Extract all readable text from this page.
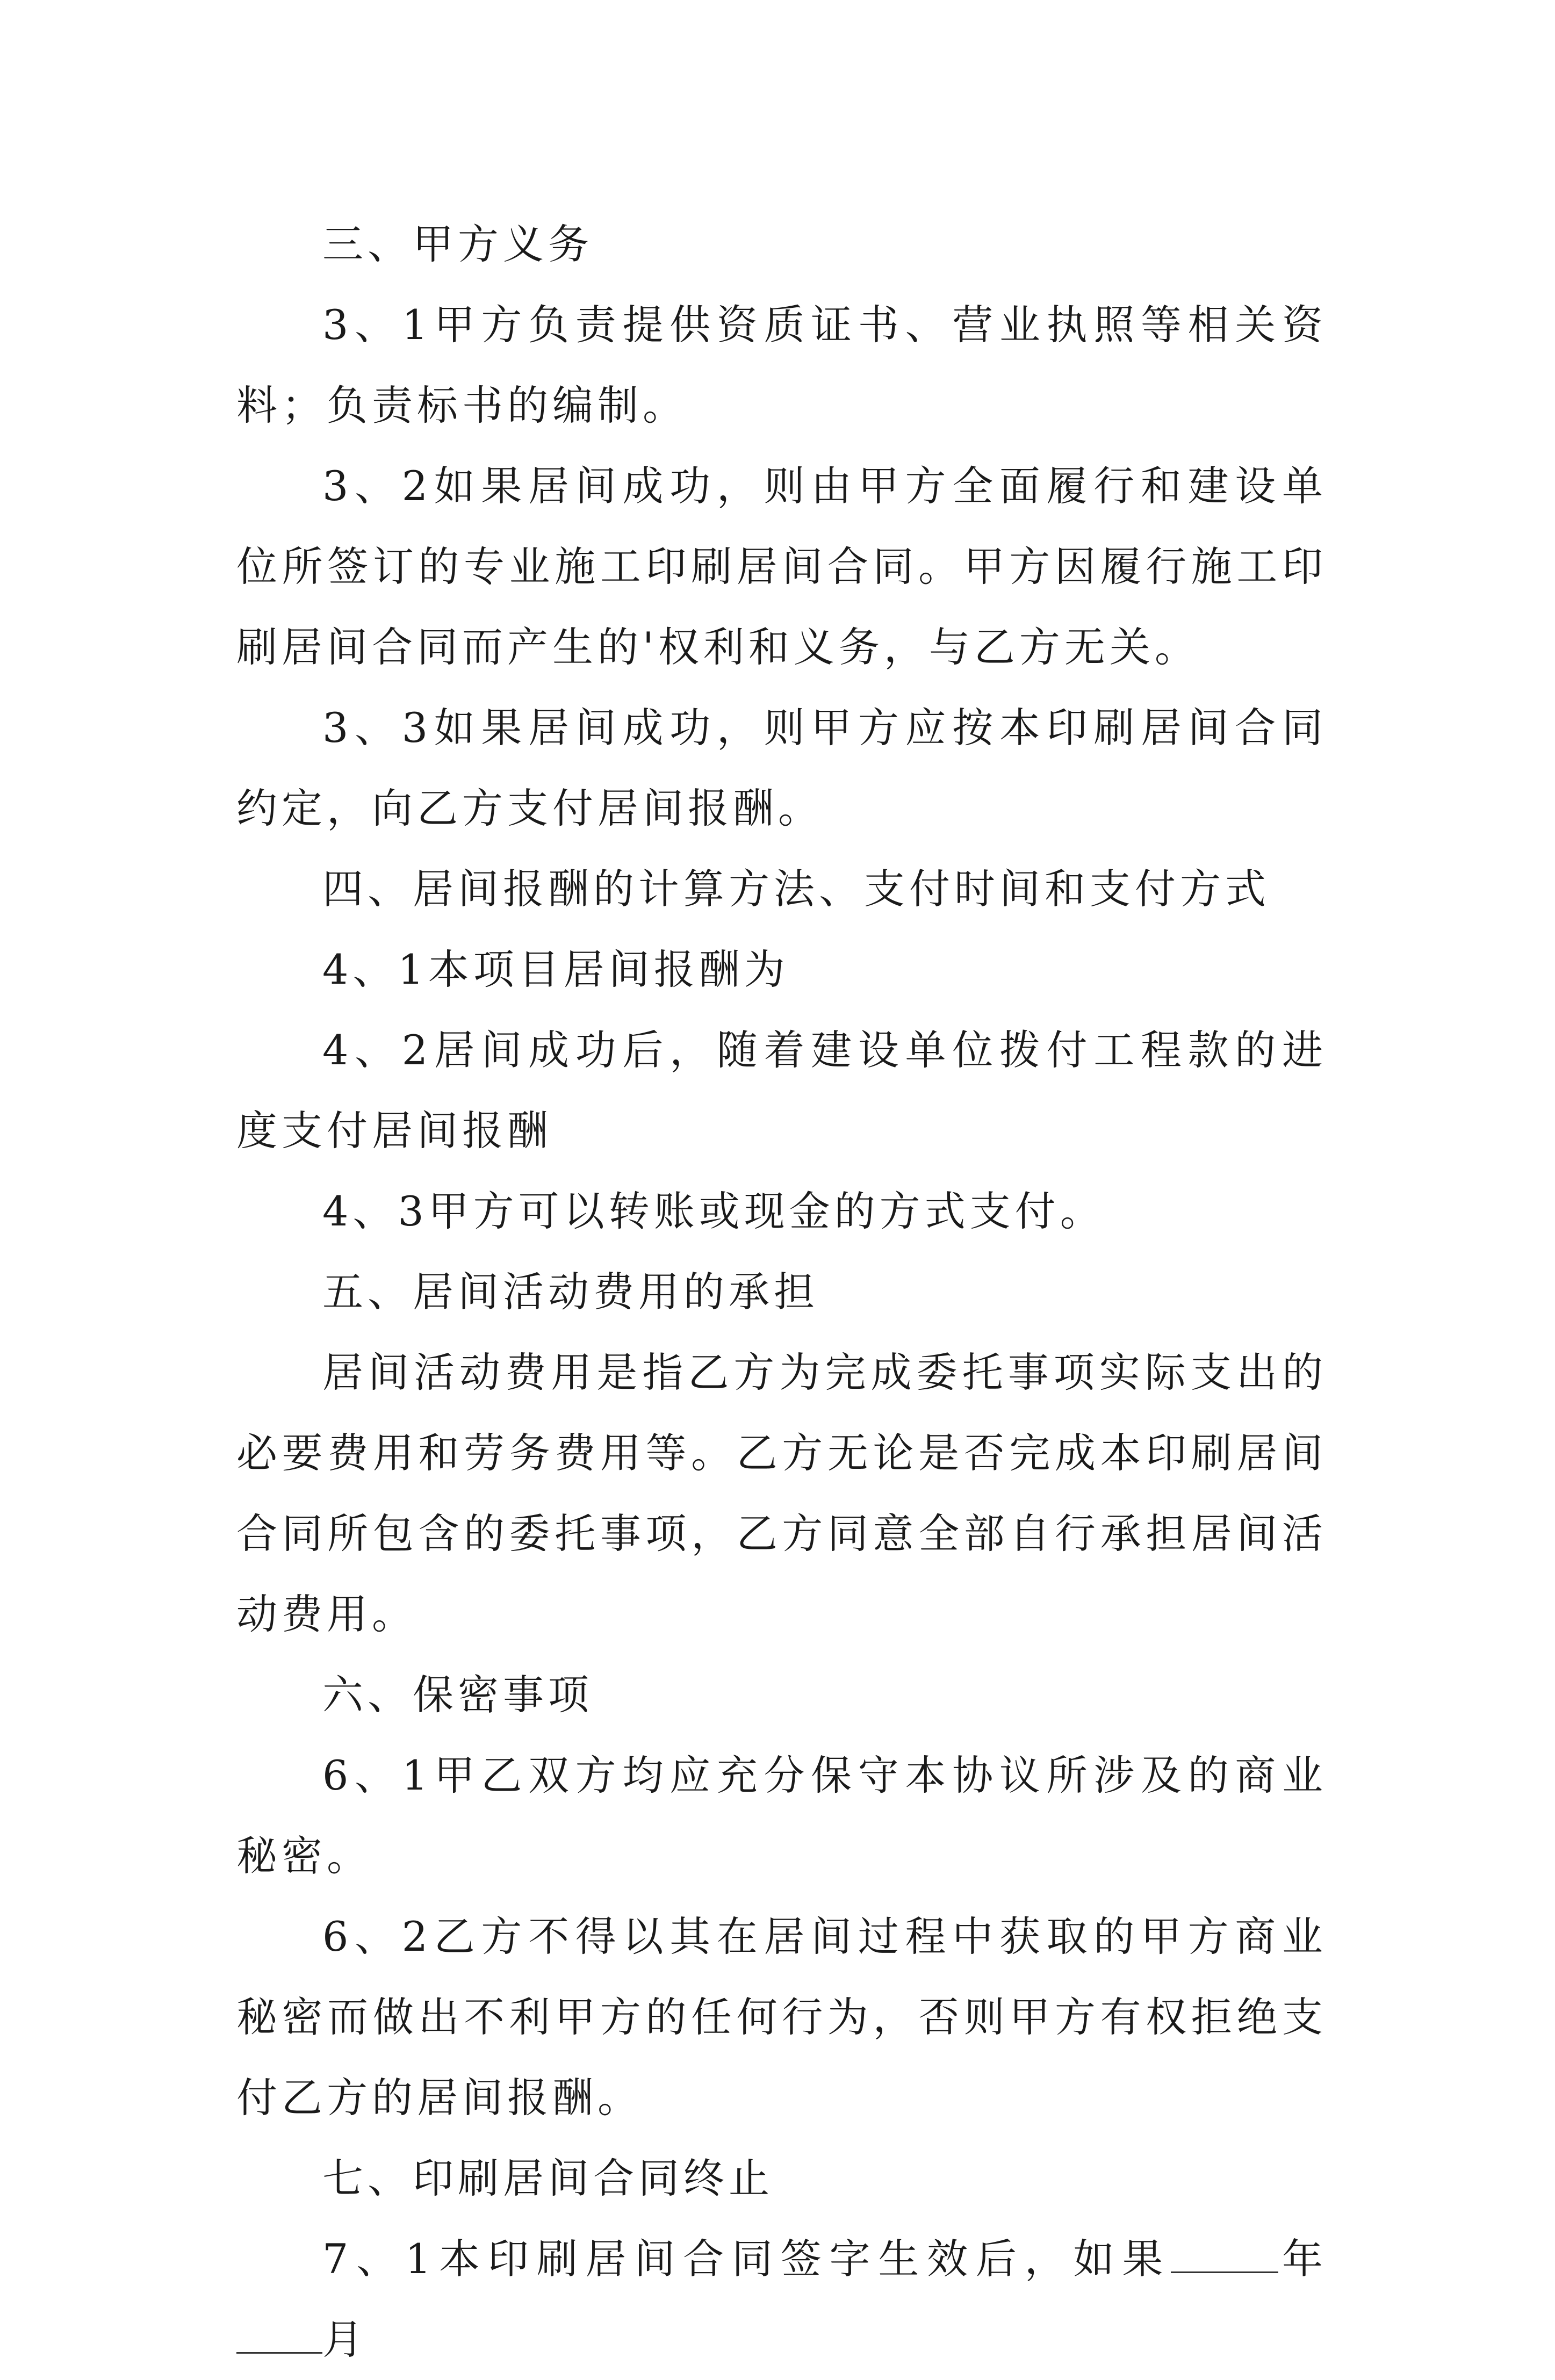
三、甲方义务

3、1甲方负责提供资质证书、营业执照等相关资料；负责标书的编制。

3、2如果居间成功，则由甲方全面履行和建设单位所签订的专业施工印刷居间合同。甲方因履行施工印刷居间合同而产生的'权利和义务，与乙方无关。

3、3如果居间成功，则甲方应按本印刷居间合同约定，向乙方支付居间报酬。

四、居间报酬的计算方法、支付时间和支付方式

4、1本项目居间报酬为

4、2居间成功后，随着建设单位拨付工程款的进度支付居间报酬

4、3甲方可以转账或现金的方式支付。

五、居间活动费用的承担

居间活动费用是指乙方为完成委托事项实际支出的必要费用和劳务费用等。乙方无论是否完成本印刷居间合同所包含的委托事项，乙方同意全部自行承担居间活动费用。

六、保密事项

6、1甲乙双方均应充分保守本协议所涉及的商业秘密。

6、2乙方不得以其在居间过程中获取的甲方商业秘密而做出不利甲方的任何行为，否则甲方有权拒绝支付乙方的居间报酬。

七、印刷居间合同终止

7、1本印刷居间合同签字生效后，如果	年月
